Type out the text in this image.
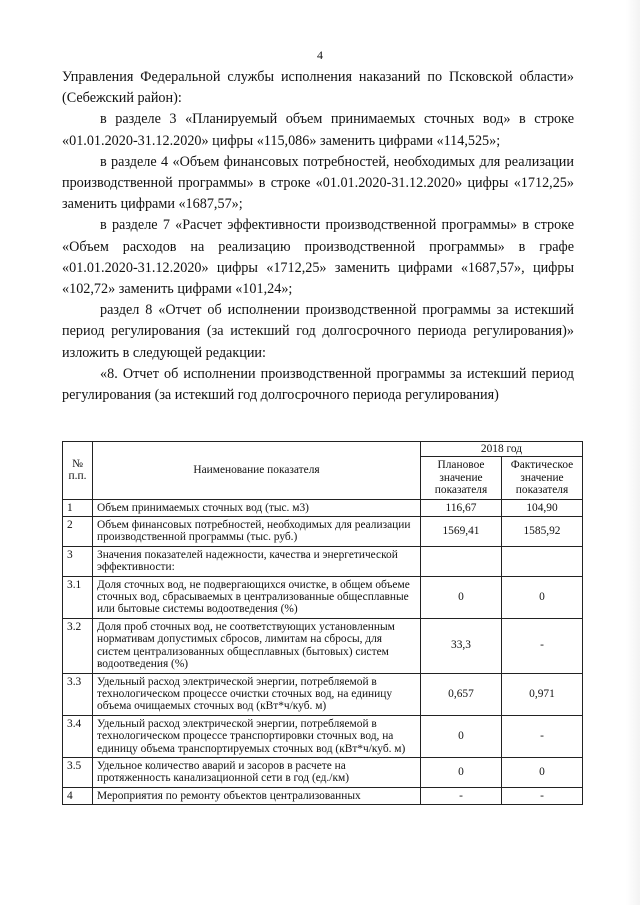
4

Управления Федеральной службы исполнения наказаний по Псковской области» (Себежский район):

в разделе 3 «Планируемый объем принимаемых сточных вод» в строке «01.01.2020-31.12.2020» цифры «115,086» заменить цифрами «114,525»;

в разделе 4 «Объем финансовых потребностей, необходимых для реализации производственной программы» в строке «01.01.2020-31.12.2020» цифры «1712,25» заменить цифрами «1687,57»;

в разделе 7 «Расчет эффективности производственной программы» в строке «Объем расходов на реализацию производственной программы» в графе «01.01.2020-31.12.2020» цифры «1712,25» заменить цифрами «1687,57», цифры «102,72» заменить цифрами «101,24»;

раздел 8 «Отчет об исполнении производственной программы за истекший период регулирования (за истекший год долгосрочного периода регулирования)» изложить в следующей редакции:

«8. Отчет об исполнении производственной программы за истекший период регулирования (за истекший год долгосрочного периода регулирования)

№ п.п.	Наименование показателя	2018 год	
		Плановое значение показателя	Фактическое значение показателя
1	Объем принимаемых сточных вод (тыс. м3)	116,67	104,90
2	Объем финансовых потребностей, необходимых для реализации производственной программы (тыс. руб.)	1569,41	1585,92
3	Значения показателей надежности, качества и энергетической эффективности:		
3.1	Доля сточных вод, не подвергающихся очистке, в общем объеме сточных вод, сбрасываемых в централизованные общесплавные или бытовые системы водоотведения (%)	0	0
3.2	Доля проб сточных вод, не соответствующих установленным нормативам допустимых сбросов, лимитам на сбросы, для систем централизованных общесплавных (бытовых) систем водоотведения (%)	33,3	-
3.3	Удельный расход электрической энергии, потребляемой в технологическом процессе очистки сточных вод, на единицу объема очищаемых сточных вод (кВт*ч/куб. м)	0,657	0,971
3.4	Удельный расход электрической энергии, потребляемой в технологическом процессе транспортировки сточных вод, на единицу объема транспортируемых сточных вод (кВт*ч/куб. м)	0	-
3.5	Удельное количество аварий и засоров в расчете на протяженность канализационной сети в год (ед./км)	0	0
4	Мероприятия по ремонту объектов централизованных	-	-
